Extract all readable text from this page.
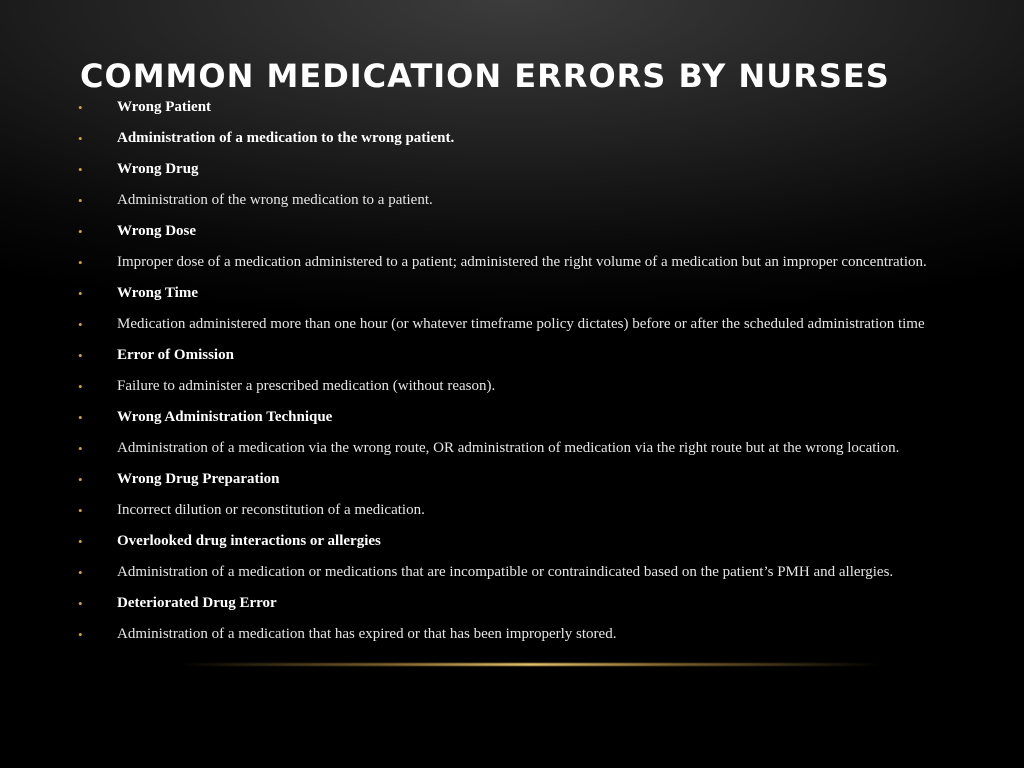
COMMON MEDICATION ERRORS BY NURSES
• Wrong Patient
• Administration of a medication to the wrong patient.
• Wrong Drug
• Administration of the wrong medication to a patient.
• Wrong Dose
• Improper dose of a medication administered to a patient; administered the right volume of a medication but an improper concentration.
• Wrong Time
• Medication administered more than one hour (or whatever timeframe policy dictates) before or after the scheduled administration time
• Error of Omission
• Failure to administer a prescribed medication (without reason).
• Wrong Administration Technique
• Administration of a medication via the wrong route, OR administration of medication via the right route but at the wrong location.
• Wrong Drug Preparation
• Incorrect dilution or reconstitution of a medication.
• Overlooked drug interactions or allergies
• Administration of a medication or medications that are incompatible or contraindicated based on the patient’s PMH and allergies.
• Deteriorated Drug Error
• Administration of a medication that has expired or that has been improperly stored.
